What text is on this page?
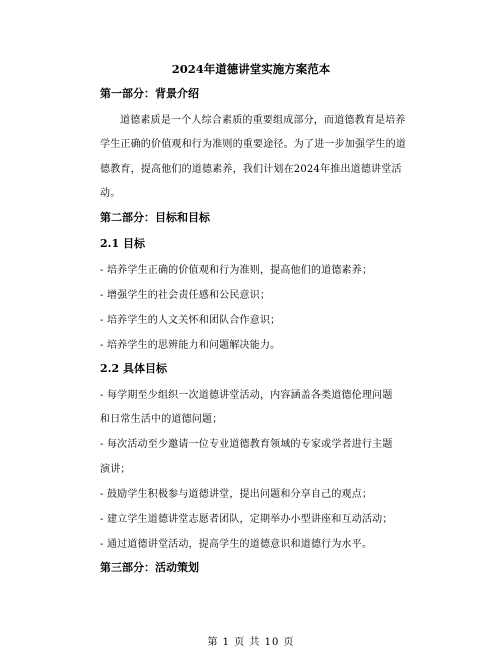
2024年道德讲堂实施方案范本
第一部分：背景介绍
道德素质是一个人综合素质的重要组成部分，而道德教育是培养
学生正确的价值观和行为准则的重要途径。为了进一步加强学生的道
德教育，提高他们的道德素养，我们计划在2024年推出道德讲堂活
动。
第二部分：目标和目标
2.1 目标
- 培养学生正确的价值观和行为准则，提高他们的道德素养；
- 增强学生的社会责任感和公民意识；
- 培养学生的人文关怀和团队合作意识；
- 培养学生的思辨能力和问题解决能力。
2.2 具体目标
- 每学期至少组织一次道德讲堂活动，内容涵盖各类道德伦理问题
和日常生活中的道德问题；
- 每次活动至少邀请一位专业道德教育领域的专家或学者进行主题
演讲；
- 鼓励学生积极参与道德讲堂，提出问题和分享自己的观点；
- 建立学生道德讲堂志愿者团队，定期举办小型讲座和互动活动；
- 通过道德讲堂活动，提高学生的道德意识和道德行为水平。
第三部分：活动策划
第 1 页 共 10 页
